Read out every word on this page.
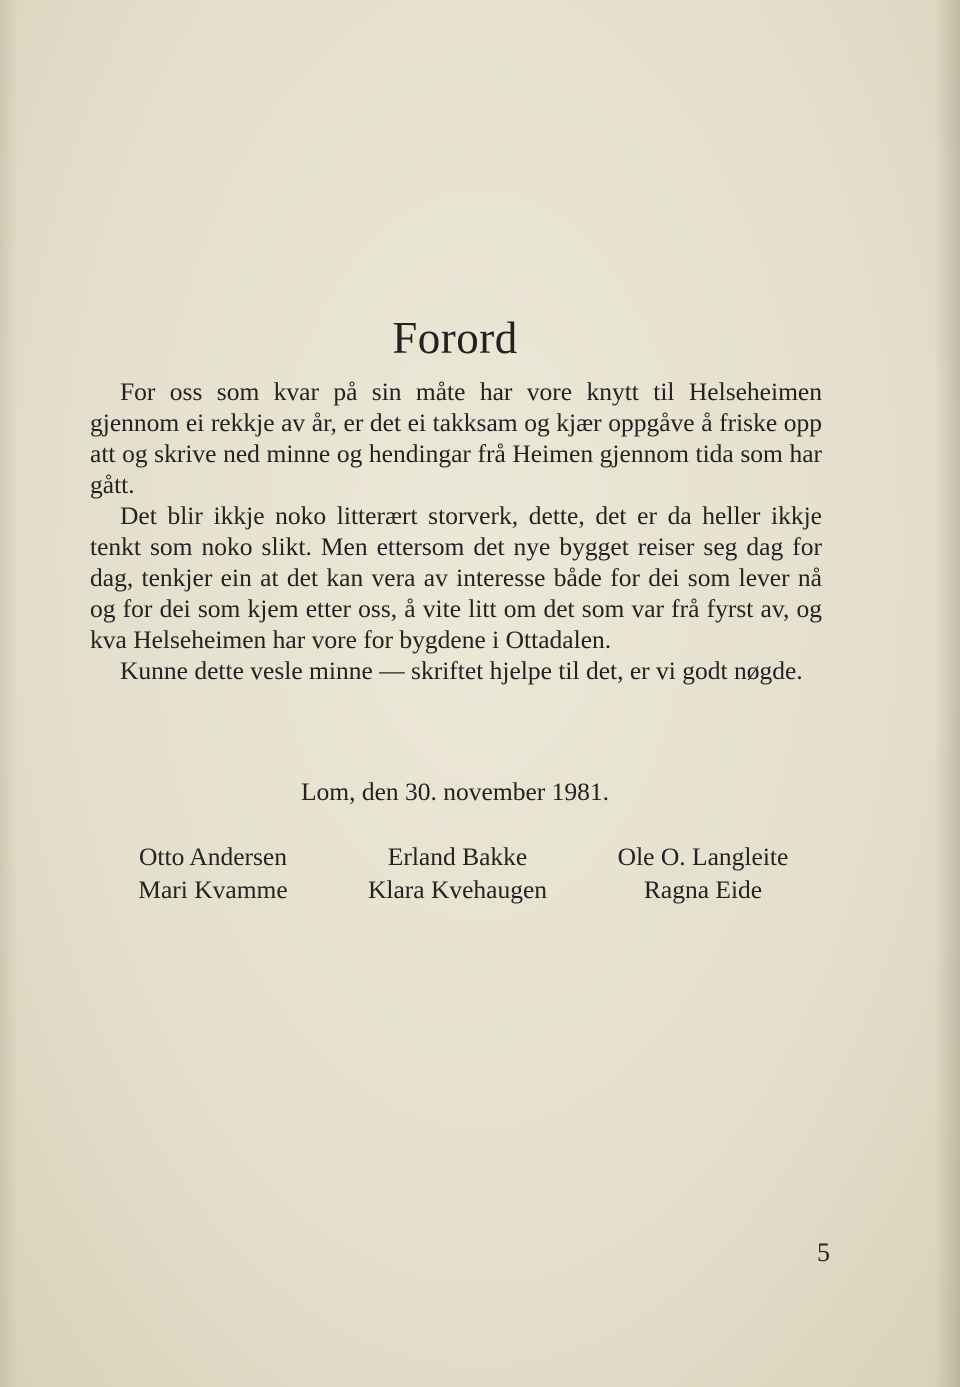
Forord

For oss som kvar på sin måte har vore knytt til Helseheimen gjennom ei rekkje av år, er det ei takksam og kjær oppgåve å friske opp att og skrive ned minne og hendingar frå Heimen gjennom tida som har gått.

Det blir ikkje noko litterært storverk, dette, det er da heller ikkje tenkt som noko slikt. Men ettersom det nye bygget reiser seg dag for dag, tenkjer ein at det kan vera av interesse både for dei som lever nå og for dei som kjem etter oss, å vite litt om det som var frå fyrst av, og kva Helseheimen har vore for bygdene i Ottadalen.

Kunne dette vesle minne — skriftet hjelpe til det, er vi godt nøgde.

Lom, den 30. november 1981.
Otto Andersen
Mari Kvamme
Erland Bakke
Klara Kvehaugen
Ole O. Langleite
Ragna Eide
5
